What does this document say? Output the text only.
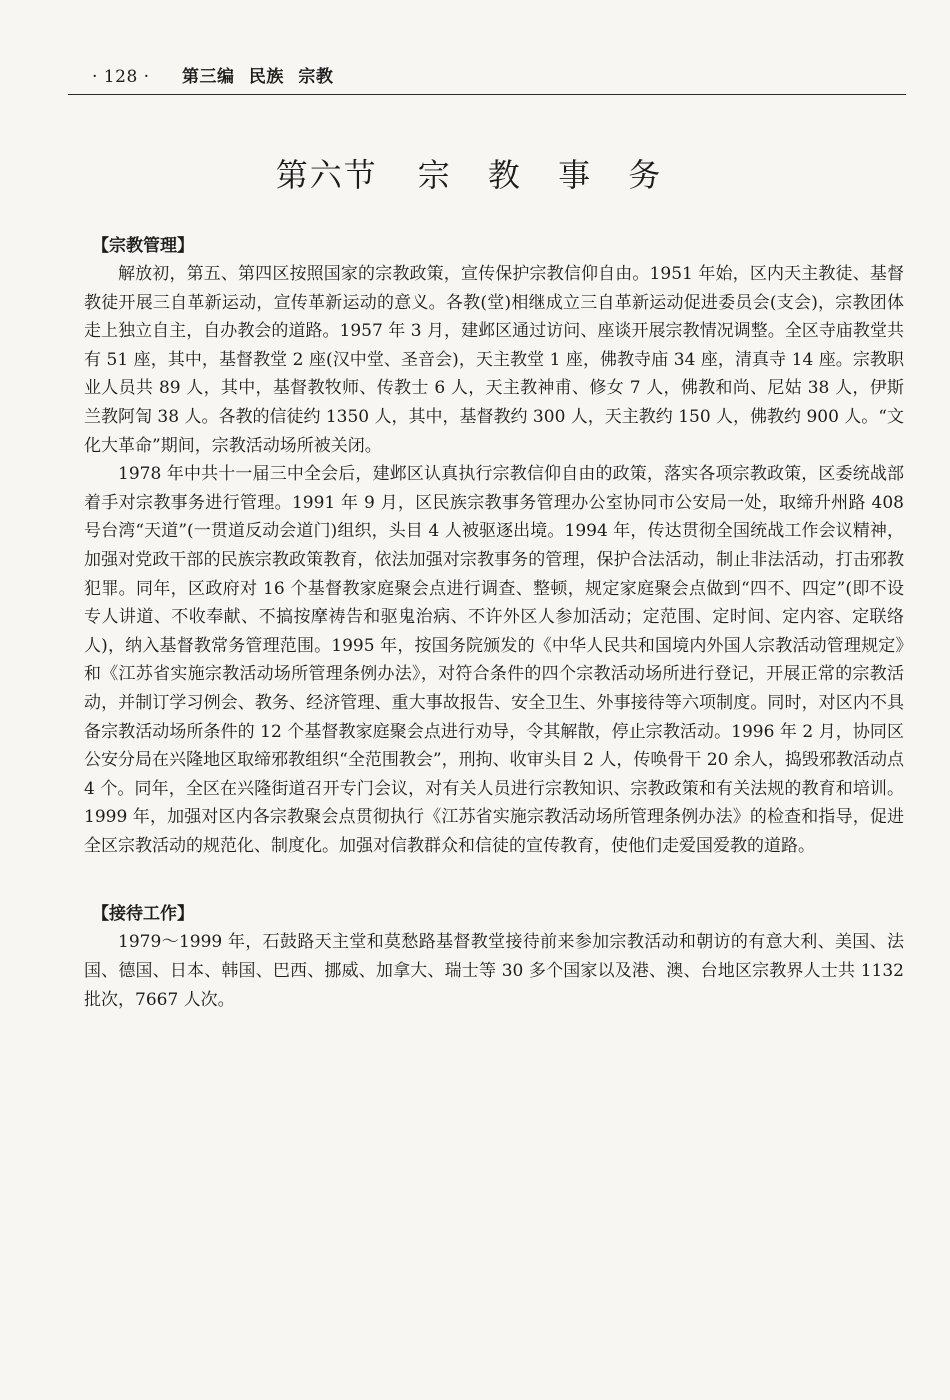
· 128 · 第三编 民族 宗教
第六节 宗 教 事 务

【宗教管理】

解放初，第五、第四区按照国家的宗教政策，宣传保护宗教信仰自由。1951 年始，区内天主教徒、基督教徒开展三自革新运动，宣传革新运动的意义。各教(堂)相继成立三自革新运动促进委员会(支会)，宗教团体走上独立自主，自办教会的道路。1957 年 3 月，建邺区通过访问、座谈开展宗教情况调整。全区寺庙教堂共有 51 座，其中，基督教堂 2 座(汉中堂、圣音会)，天主教堂 1 座，佛教寺庙 34 座，清真寺 14 座。宗教职业人员共 89 人，其中，基督教牧师、传教士 6 人，天主教神甫、修女 7 人，佛教和尚、尼姑 38 人，伊斯兰教阿訇 38 人。各教的信徒约 1350 人，其中，基督教约 300 人，天主教约 150 人，佛教约 900 人。“文化大革命”期间，宗教活动场所被关闭。

1978 年中共十一届三中全会后，建邺区认真执行宗教信仰自由的政策，落实各项宗教政策，区委统战部着手对宗教事务进行管理。1991 年 9 月，区民族宗教事务管理办公室协同市公安局一处，取缔升州路 408 号台湾“天道”(一贯道反动会道门)组织，头目 4 人被驱逐出境。1994 年，传达贯彻全国统战工作会议精神，加强对党政干部的民族宗教政策教育，依法加强对宗教事务的管理，保护合法活动，制止非法活动，打击邪教犯罪。同年，区政府对 16 个基督教家庭聚会点进行调查、整顿，规定家庭聚会点做到“四不、四定”(即不设专人讲道、不收奉献、不搞按摩祷告和驱鬼治病、不许外区人参加活动；定范围、定时间、定内容、定联络人)，纳入基督教常务管理范围。1995 年，按国务院颁发的《中华人民共和国境内外国人宗教活动管理规定》和《江苏省实施宗教活动场所管理条例办法》，对符合条件的四个宗教活动场所进行登记，开展正常的宗教活动，并制订学习例会、教务、经济管理、重大事故报告、安全卫生、外事接待等六项制度。同时，对区内不具备宗教活动场所条件的 12 个基督教家庭聚会点进行劝导，令其解散，停止宗教活动。1996 年 2 月，协同区公安分局在兴隆地区取缔邪教组织“全范围教会”，刑拘、收审头目 2 人，传唤骨干 20 余人，捣毁邪教活动点 4 个。同年，全区在兴隆街道召开专门会议，对有关人员进行宗教知识、宗教政策和有关法规的教育和培训。1999 年，加强对区内各宗教聚会点贯彻执行《江苏省实施宗教活动场所管理条例办法》的检查和指导，促进全区宗教活动的规范化、制度化。加强对信教群众和信徒的宣传教育，使他们走爱国爱教的道路。

【接待工作】

1979～1999 年，石鼓路天主堂和莫愁路基督教堂接待前来参加宗教活动和朝访的有意大利、美国、法国、德国、日本、韩国、巴西、挪威、加拿大、瑞士等 30 多个国家以及港、澳、台地区宗教界人士共 1132 批次，7667 人次。
